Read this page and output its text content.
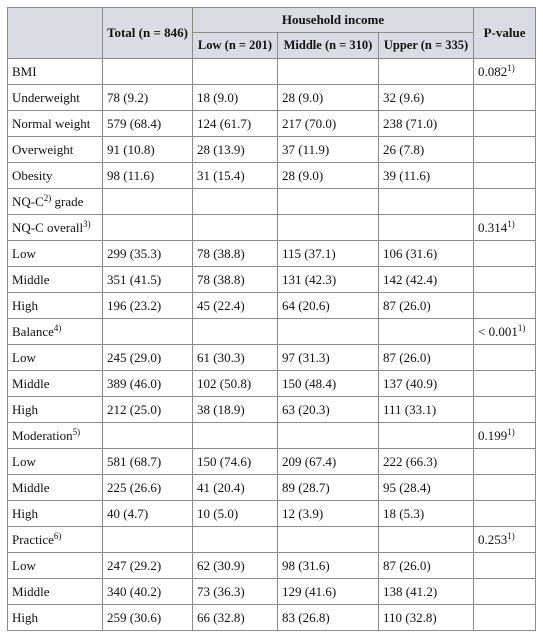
	Total (n = 846)	Household income			P-value
		Low (n = 201)	Middle (n = 310)	Upper (n = 335)	
BMI					0.082$^{1)}$
Underweight	78 (9.2)	18 (9.0)	28 (9.0)	32 (9.6)	
Normal weight	579 (68.4)	124 (61.7)	217 (70.0)	238 (71.0)	
Overweight	91 (10.8)	28 (13.9)	37 (11.9)	26 (7.8)	
Obesity	98 (11.6)	31 (15.4)	28 (9.0)	39 (11.6)	
$NQ-C^{2)}$ grade					
NQ-C overall$^{3)}$					0.314$^{1)}$
Low	299 (35.3)	78 (38.8)	115 (37.1)	106 (31.6)	
Middle	351 (41.5)	78 (38.8)	131 (42.3)	142 (42.4)	
High	196 (23.2)	45 (22.4)	64 (20.6)	87 (26.0)	
Balance$^{4)}$					< $0.001^{1)}$
Low	245 (29.0)	61 (30.3)	97 (31.3)	87 (26.0)	
Middle	389 (46.0)	102 (50.8)	150 (48.4)	137 (40.9)	
High	212 (25.0)	38 (18.9)	63 (20.3)	111 (33.1)	
Moderation$^{5)}$					0.199$^{1)}$
Low	581 (68.7)	150 (74.6)	209 (67.4)	222 (66.3)	
Middle	225 (26.6)	41 (20.4)	89 (28.7)	95 (28.4)	
High	40 (4.7)	10 (5.0)	12 (3.9)	18 (5.3)	
Practice$^{6)}$					0.253$^{1)}$
Low	247 (29.2)	62 (30.9)	98 (31.6)	87 (26.0)	
Middle	340 (40.2)	73 (36.3)	129 (41.6)	138 (41.2)	
High	259 (30.6)	66 (32.8)	83 (26.8)	110 (32.8)	
